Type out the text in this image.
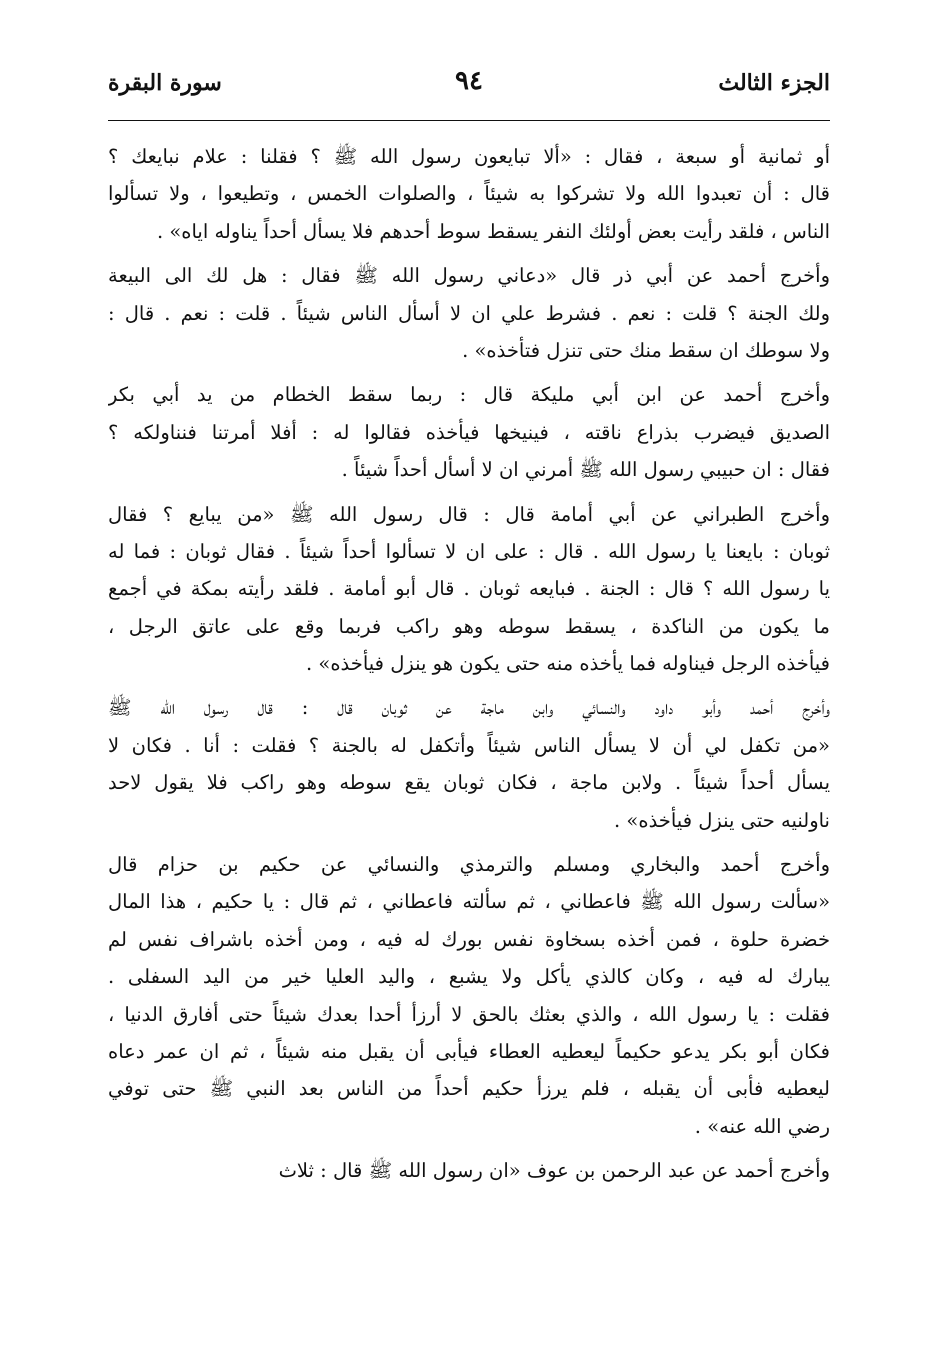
الجزء الثالث
٩٤
سورة البقرة
أو ثمانية أو سبعة ، فقال : «ألا تبايعون رسول الله ﷺ ؟ فقلنا : علام نبايعك ؟
قال : أن تعبدوا الله ولا تشركوا به شيئاً ، والصلوات الخمس ، وتطيعوا ، ولا تسألوا
الناس ، فلقد رأيت بعض أولئك النفر يسقط سوط أحدهم فلا يسأل أحداً يناوله اياه» .
وأخرج أحمد عن أبي ذر قال «دعاني رسول الله ﷺ فقال : هل لك الى البيعة
ولك الجنة ؟ قلت : نعم . فشرط علي ان لا أسأل الناس شيئاً . قلت : نعم . قال :
ولا سوطك ان سقط منك حتى تنزل فتأخذه» .
وأخرج أحمد عن ابن أبي مليكة قال : ربما سقط الخطام من يد أبي بكر
الصديق فيضرب بذراع ناقته ، فينيخها فيأخذه فقالوا له : أفلا أمرتنا فنناولكه ؟
فقال : ان حبيبي رسول الله ﷺ أمرني ان لا أسأل أحداً شيئاً .
وأخرج الطبراني عن أبي أمامة قال : قال رسول الله ﷺ «من يبايع ؟ فقال
ثوبان : بايعنا يا رسول الله . قال : على ان لا تسألوا أحداً شيئاً . فقال ثوبان : فما له
يا رسول الله ؟ قال : الجنة . فبايعه ثوبان . قال أبو أمامة . فلقد رأيته بمكة في أجمع
ما يكون من الناكدة ، يسقط سوطه وهو راكب فربما وقع على عاتق الرجل ،
فيأخذه الرجل فيناوله فما يأخذه منه حتى يكون هو ينزل فيأخذه» .
وأخرج أحمد وأبو داود والنسائي وابن ماجة عن ثوبان قال : قال رسول الله ﷺ
«من تكفل لي أن لا يسأل الناس شيئاً وأتكفل له بالجنة ؟ فقلت : أنا . فكان لا
يسأل أحداً شيئاً . ولابن ماجة ، فكان ثوبان يقع سوطه وهو راكب فلا يقول لاحد
ناولنيه حتى ينزل فيأخذه» .
وأخرج أحمد والبخاري ومسلم والترمذي والنسائي عن حكيم بن حزام قال
«سألت رسول الله ﷺ فاعطاني ، ثم سألته فاعطاني ، ثم قال : يا حكيم ، هذا المال
خضرة حلوة ، فمن أخذه بسخاوة نفس بورك له فيه ، ومن أخذه باشراف نفس لم
يبارك له فيه ، وكان كالذي يأكل ولا يشبع ، واليد العليا خير من اليد السفلى .
فقلت : يا رسول الله ، والذي بعثك بالحق لا أرزأ أحدا بعدك شيئاً حتى أفارق الدنيا ،
فكان أبو بكر يدعو حكيماً ليعطيه العطاء فيأبى أن يقبل منه شيئاً ، ثم ان عمر دعاه
ليعطيه فأبى أن يقبله ، فلم يرزأ حكيم أحداً من الناس بعد النبي ﷺ حتى توفي
رضي الله عنه» .
وأخرج أحمد عن عبد الرحمن بن عوف «ان رسول الله ﷺ قال : ثلاث
